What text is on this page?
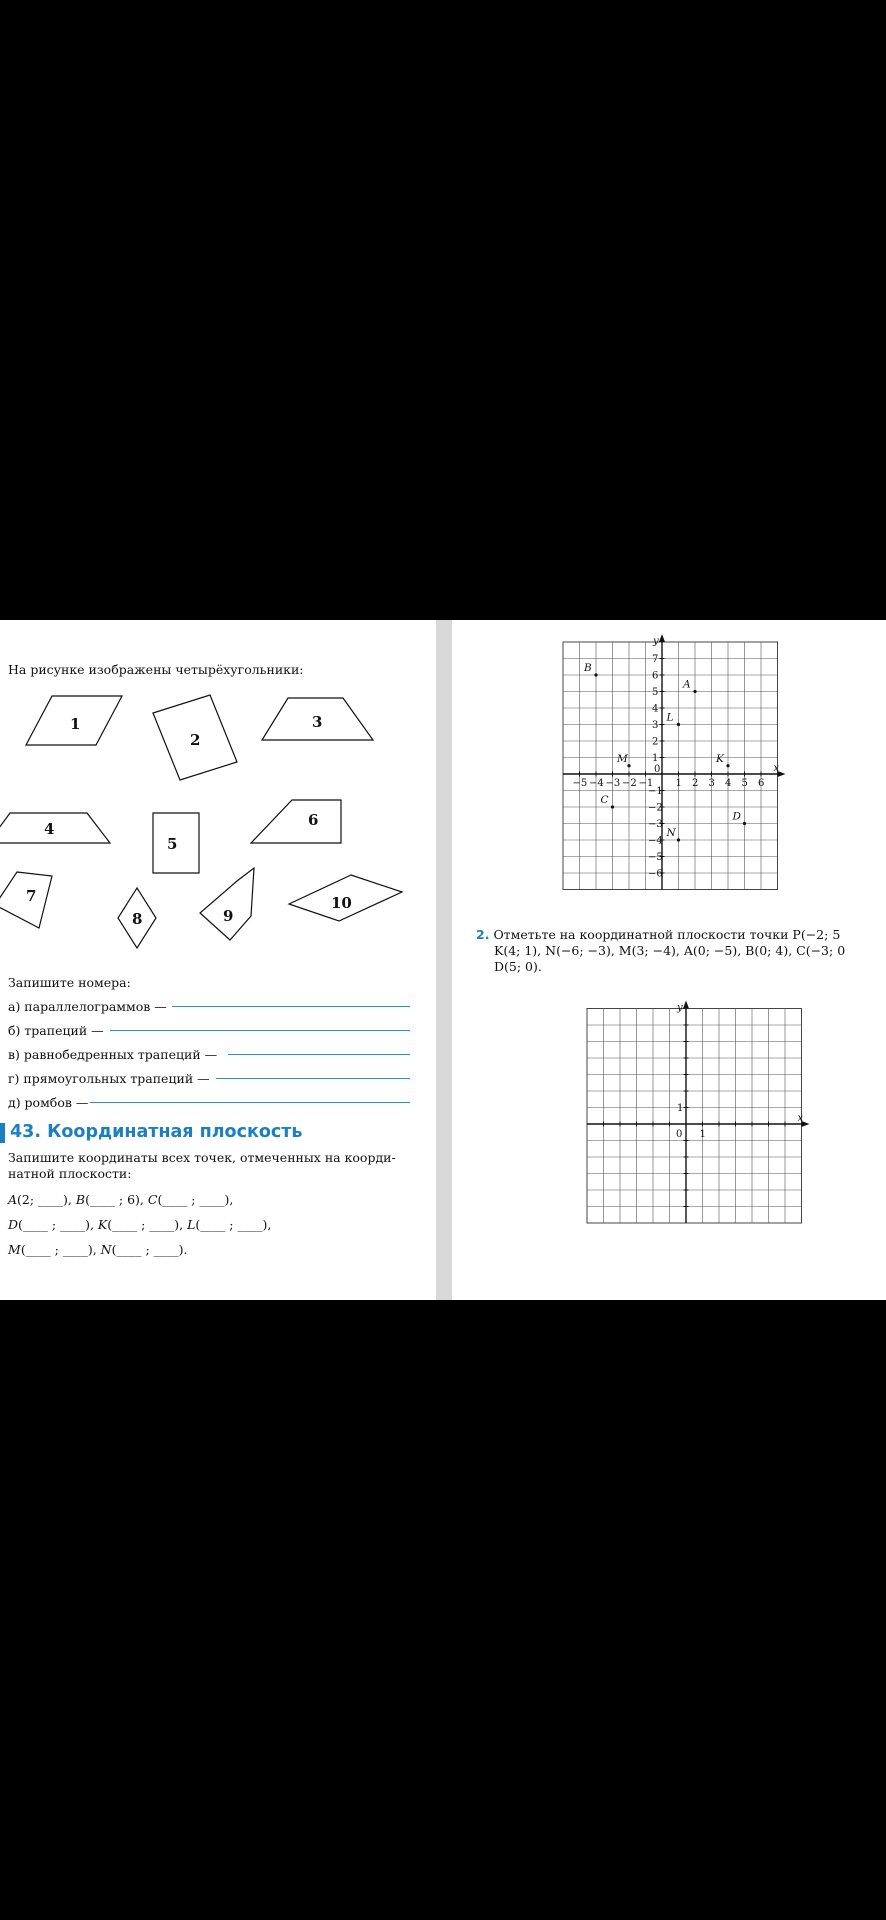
На рисунке изображены четырёхугольники:
1
2
3
4
5
6
7
8	9
10
Запишите номера:
а) параллелограммов —
б) трапеций —
в) равнобедренных трапеций —
г) прямоугольных трапеций —
д) ромбов —
43. Координатная плоскость
Запишите координаты всех точек, отмеченных на коорди-
натной плоскости:
A(2; ____), B(____ ; 6), C(____ ; ____),
D(____ ; ____), K(____ ; ____), L(____ ; ____),
M(____ ; ____), N(____ ; ____).
x
y
0
−5 −4 −3 −2 −1 1 2 3 4 5 6
7
6
5
4
3
2
1
−1
−2
−3
−4
−5
−6
B
A
L
M	K
C
D
N
2. Отметьте на координатной плоскости точки P(−2; 5
K(4; 1), N(−6; −3), M(3; −4), A(0; −5), B(0; 4), C(−3; 0
D(5; 0).
x
y
0 1
1
